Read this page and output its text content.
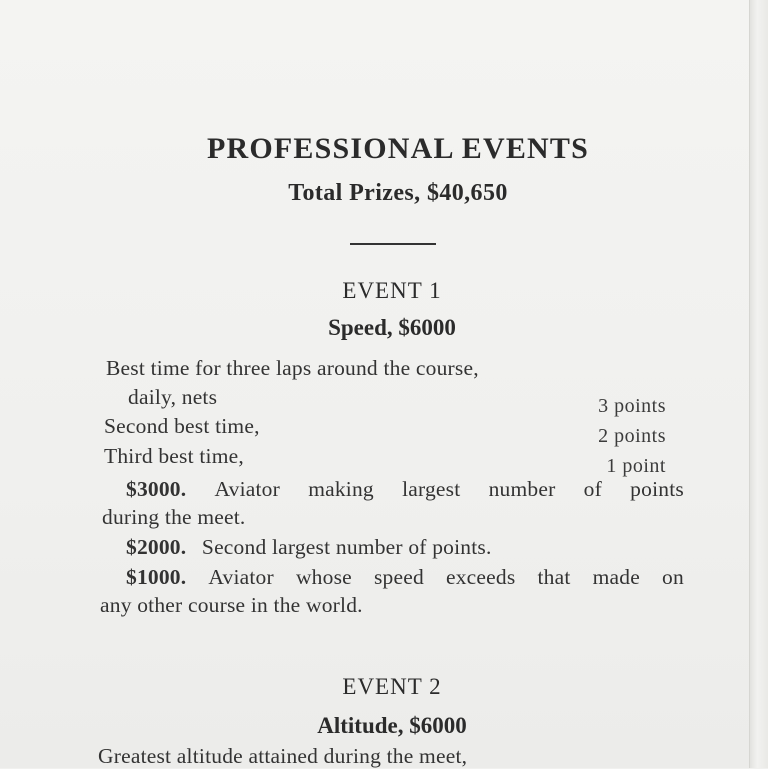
PROFESSIONAL EVENTS
Total Prizes, $40,650
EVENT 1
Speed, $6000
Best time for three laps around the course,
daily, nets	3 points
Second best time,	2 points
Third best time,	1 point
$3000. Aviator making largest number of points
during the meet.
$2000. Second largest number of points.
$1000. Aviator whose speed exceeds that made on
any other course in the world.
EVENT 2
Altitude, $6000
Greatest altitude attained during the meet,
